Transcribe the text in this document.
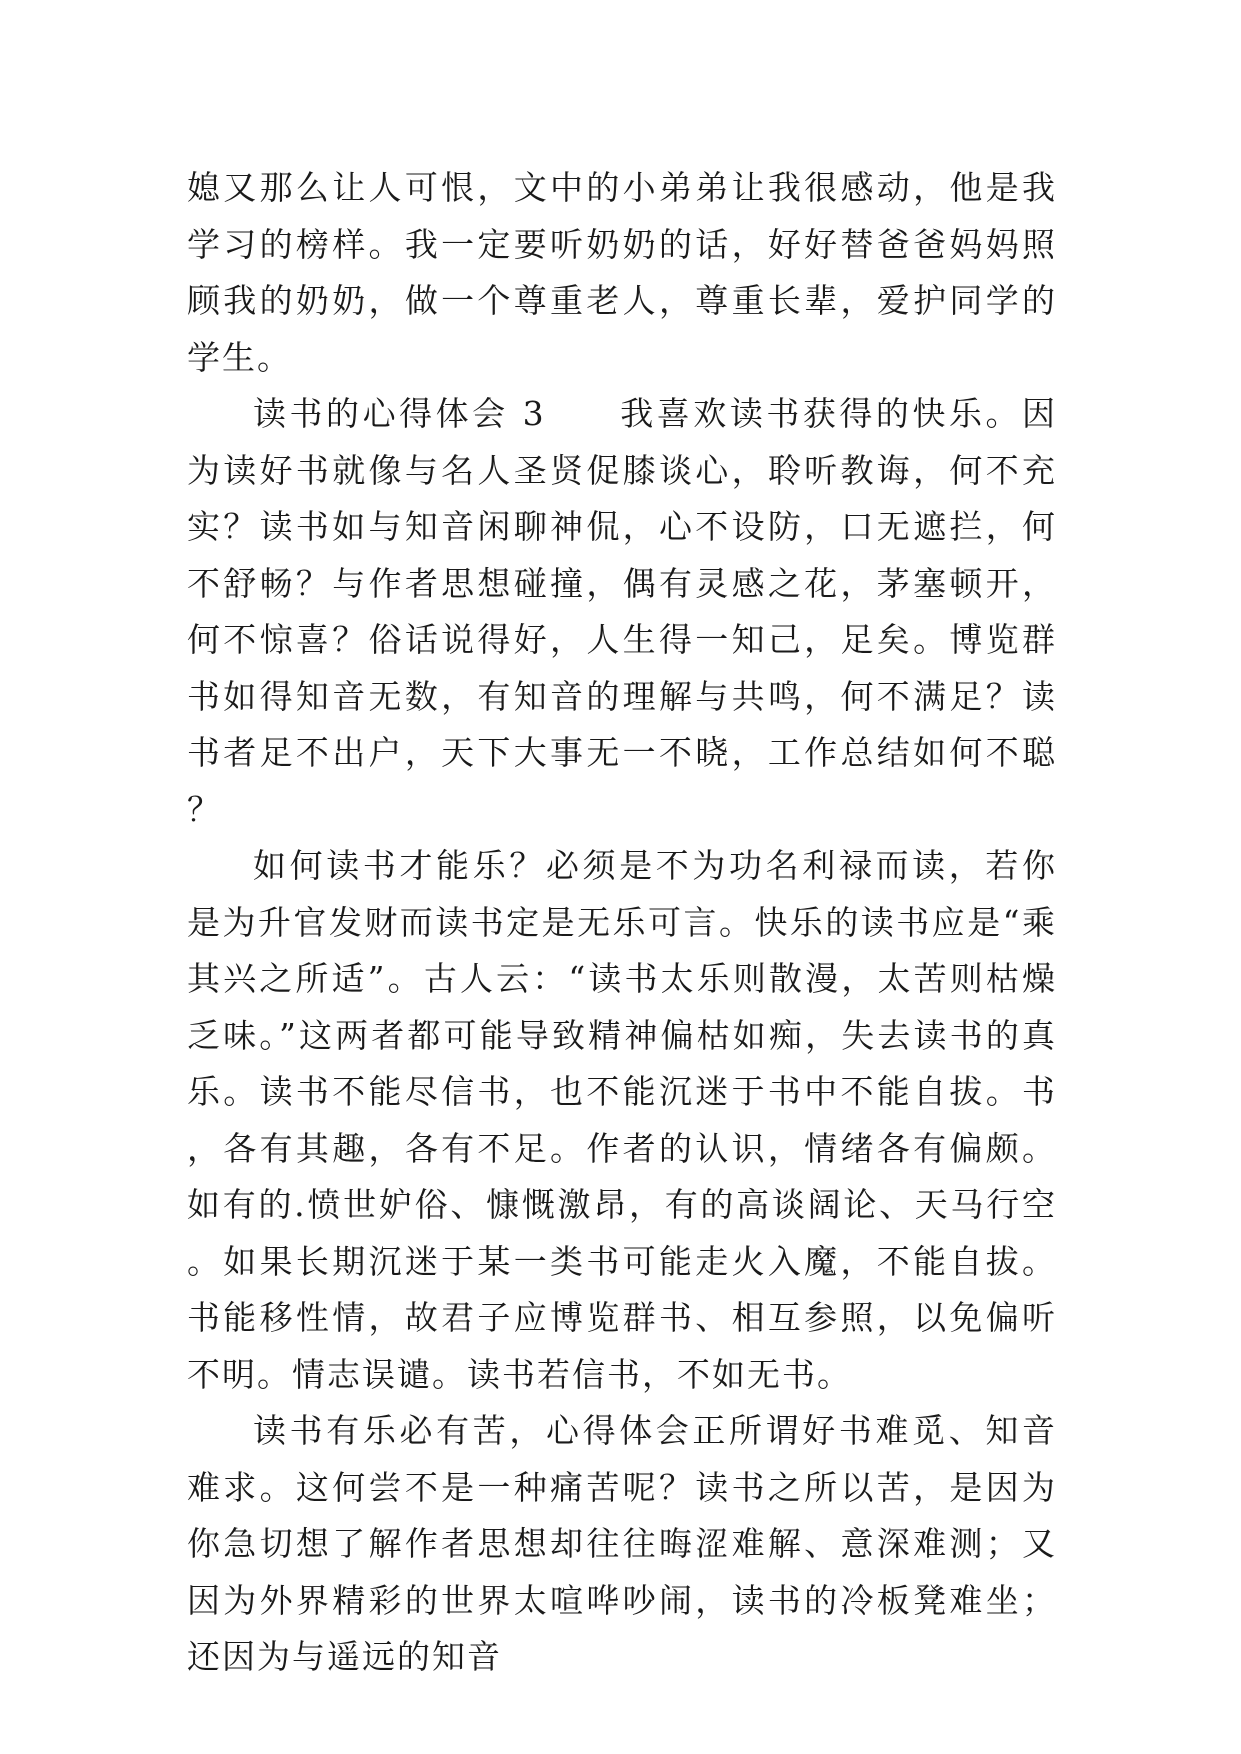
媳又那么让人可恨，文中的小弟弟让我很感动，他是我学习的榜样。我一定要听奶奶的话，好好替爸爸妈妈照顾我的奶奶，做一个尊重老人，尊重长辈，爱护同学的学生。

读书的心得体会 3　　 我喜欢读书获得的快乐。因为读好书就像与名人圣贤促膝谈心，聆听教诲，何不充实？读书如与知音闲聊神侃，心不设防，口无遮拦，何不舒畅？与作者思想碰撞，偶有灵感之花，茅塞顿开，何不惊喜？俗话说得好，人生得一知己，足矣。博览群书如得知音无数，有知音的理解与共鸣，何不满足？读书者足不出户，天下大事无一不晓，工作总结如何不聪？

如何读书才能乐？必须是不为功名利禄而读，若你是为升官发财而读书定是无乐可言。快乐的读书应是“乘其兴之所适”。古人云：“读书太乐则散漫，太苦则枯燥乏味。”这两者都可能导致精神偏枯如痴，失去读书的真乐。读书不能尽信书，也不能沉迷于书中不能自拔。书，各有其趣，各有不足。作者的认识，情绪各有偏颇。如有的.愤世妒俗、慷慨激昂，有的高谈阔论、天马行空。如果长期沉迷于某一类书可能走火入魔，不能自拔。书能移性情，故君子应博览群书、相互参照，以免偏听不明。情志误谴。读书若信书，不如无书。

读书有乐必有苦，心得体会正所谓好书难觅、知音难求。这何尝不是一种痛苦呢？读书之所以苦，是因为你急切想了解作者思想却往往晦涩难解、意深难测；又因为外界精彩的世界太喧哗吵闹，读书的冷板凳难坐；还因为与遥远的知音
